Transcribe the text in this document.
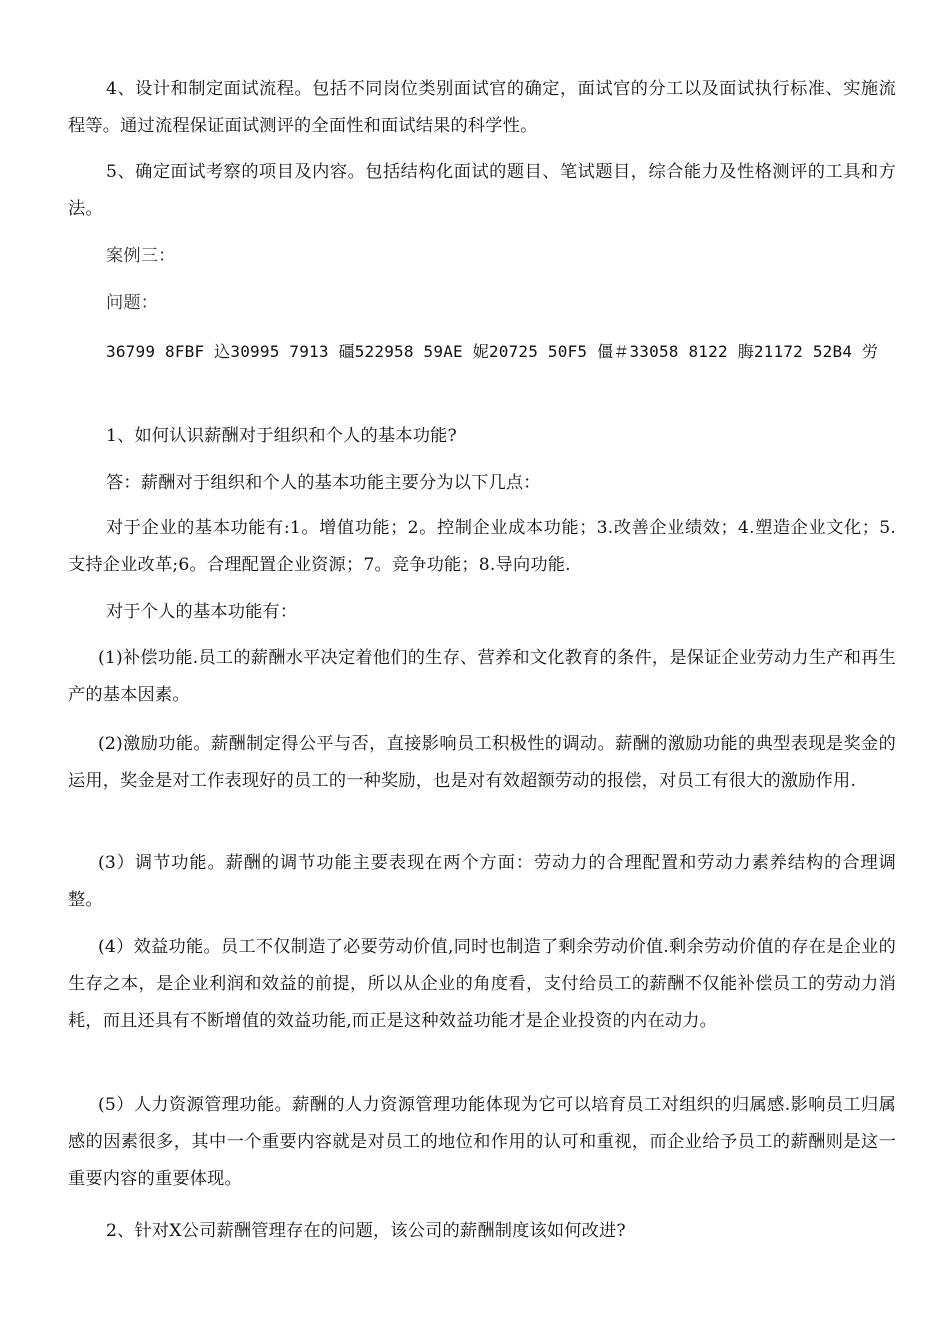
4、设计和制定面试流程。包括不同岗位类别面试官的确定，面试官的分工以及面试执行标准、实施流程等。通过流程保证面试测评的全面性和面试结果的科学性。

5、确定面试考察的项目及内容。包括结构化面试的题目、笔试题目，综合能力及性格测评的工具和方法。

案例三：

问题：

36799 8FBF 込30995 7913 礓522958 59AE 妮20725 50F5 僵＃33058 8122 脢21172 52B4 労

1、如何认识薪酬对于组织和个人的基本功能?

答：薪酬对于组织和个人的基本功能主要分为以下几点：

对于企业的基本功能有:1。增值功能；2。控制企业成本功能；3.改善企业绩效；4.塑造企业文化；5.支持企业改革;6。合理配置企业资源；7。竞争功能；8.导向功能.

对于个人的基本功能有：

(1)补偿功能.员工的薪酬水平决定着他们的生存、营养和文化教育的条件，是保证企业劳动力生产和再生产的基本因素。

(2)激励功能。薪酬制定得公平与否，直接影响员工积极性的调动。薪酬的激励功能的典型表现是奖金的运用，奖金是对工作表现好的员工的一种奖励，也是对有效超额劳动的报偿，对员工有很大的激励作用.

(3）调节功能。薪酬的调节功能主要表现在两个方面：劳动力的合理配置和劳动力素养结构的合理调整。

(4）效益功能。员工不仅制造了必要劳动价值,同时也制造了剩余劳动价值.剩余劳动价值的存在是企业的生存之本，是企业利润和效益的前提，所以从企业的角度看，支付给员工的薪酬不仅能补偿员工的劳动力消耗，而且还具有不断增值的效益功能,而正是这种效益功能才是企业投资的内在动力。

(5）人力资源管理功能。薪酬的人力资源管理功能体现为它可以培育员工对组织的归属感.影响员工归属感的因素很多，其中一个重要内容就是对员工的地位和作用的认可和重视，而企业给予员工的薪酬则是这一重要内容的重要体现。

2、针对X公司薪酬管理存在的问题，该公司的薪酬制度该如何改进?
